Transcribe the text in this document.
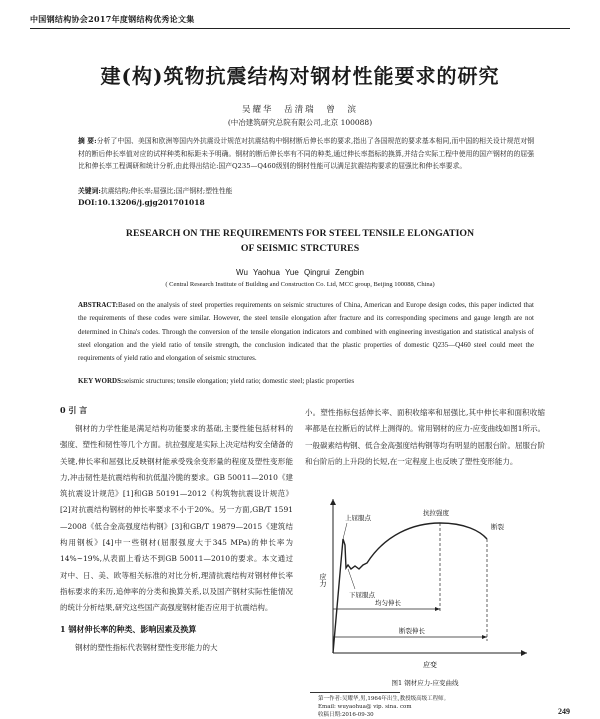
中国钢结构协会2017年度钢结构优秀论文集
建(构)筑物抗震结构对钢材性能要求的研究
吴耀华 岳清瑞 曾 滨
(中冶建筑研究总院有限公司,北京 100088)
摘 要:分析了中国、美国和欧洲等国内外抗震设计规范对抗震结构中钢材断后伸长率的要求,指出了各国规范的要求基本相同,而中国的相关设计规范对钢材的断后伸长率值对应的试样种类和标距未予明确。钢材的断后伸长率有不同的种类,通过伸长率指标的换算,并结合实际工程中使用的国产钢材的的屈强比和伸长率工程调研和统计分析,由此得出结论:国产Q235—Q460级别的钢材性能可以满足抗震结构要求的屈强比和伸长率要求。
关键词:抗震结构;伸长率;屈强比;国产钢材;塑性性能
DOI:10.13206/j.gjg201701018
RESEARCH ON THE REQUIREMENTS FOR STEEL TENSILE ELONGATION
OF SEISMIC STRCTURES
Wu Yaohua Yue Qingrui Zengbin
( Central Research Institute of Building and Construction Co. Ltd, MCC group, Beijing 100088, China)
ABSTRACT:Based on the analysis of steel properties requirements on seismic structures of China, American and Europe design codes, this paper indicted that the requirements of these codes were similar. However, the steel tensile elongation after fracture and its corresponding specimens and gauge length are not determined in China's codes. Through the conversion of the tensile elongation indicators and combined with engineering investigation and statistical analysis of steel elongation and the yield ratio of tensile strength, the conclusion indicated that the plastic properties of domestic Q235—Q460 steel could meet the requirements of yield ratio and elongation of seismic structures.
KEY WORDS:seismic structures; tensile elongation; yield ratio; domestic steel; plastic properties
0 引 言

钢材的力学性能是满足结构功能要求的基础,主要性能包括材料的强度、塑性和韧性等几个方面。抗拉强度是实际上决定结构安全储备的关键,伸长率和屈强比反映钢材能承受残余变形量的程度及塑性变形能力,冲击韧性是抗震结构和抗低温冷脆的要求。GB 50011—2010《建筑抗震设计规范》[1]和GB 50191—2012《构筑物抗震设计规范》[2]对抗震结构钢材的伸长率要求不小于20%。另一方面,GB/T 1591—2008《低合金高强度结构钢》[3]和GB/T 19879—2015《建筑结构用钢板》[4]中一些钢材(屈服强度大于345 MPa)的伸长率为14%~19%,从表面上看达不到GB 50011—2010的要求。本文通过对中、日、美、欧等相关标准的对比分析,理清抗震结构对钢材伸长率指标要求的来历,追伸率的分类和换算关系,以及国产钢材实际性能情况的统计分析结果,研究这些国产高强度钢材能否应用于抗震结构。

1 钢材伸长率的种类、影响因素及换算

钢材的塑性指标代表钢材塑性变形能力的大

小。塑性指标包括伸长率、面积收缩率和屈强比,其中伸长率和面积收缩率都是在拉断后的试样上测得的。常用钢材的应力-应变曲线如图1所示。一般碳素结构钢、低合金高强度结构钢等均有明显的屈服台阶。屈服台阶和台阶后的上升段的长短,在一定程度上也反映了塑性变形能力。

应力
应变
上屈服点
抗拉强度
断裂
下屈服点
均匀伸长
断裂伸长
图1 钢材应力-应变曲线
第一作者:吴耀华,男,1964年出生,教授级高级工程师。
Email: wuyaohua@ vip. sina. com
收稿日期:2016-09-30	249
